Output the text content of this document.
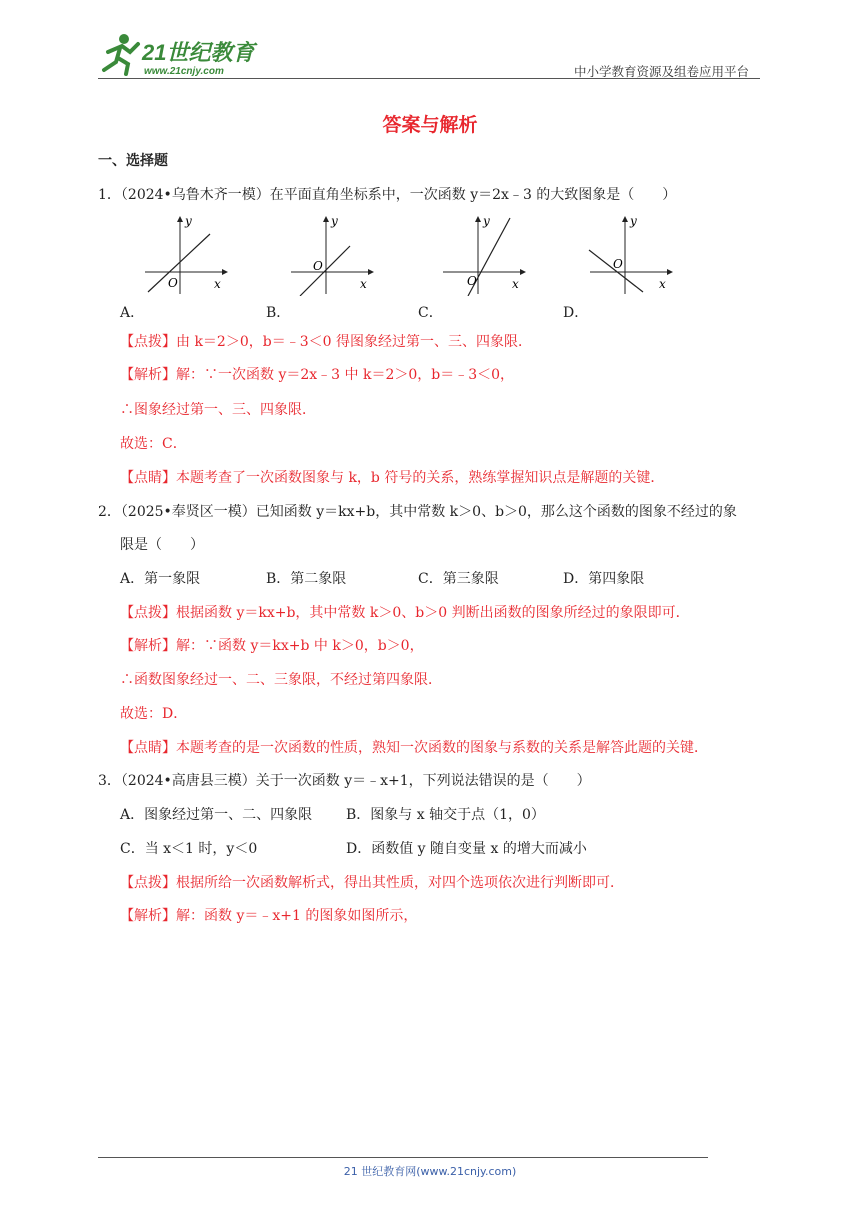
21世纪教育
www.21cnjy.com	中小学教育资源及组卷应用平台
答案与解析
一、选择题
1．（2024•乌鲁木齐一模）在平面直角坐标系中，一次函数 y＝2x﹣3 的大致图象是（　　）
y
x
O
y
x
O
y
x
O
y
x
O
A．	B．	C．	D．
【点拨】由 k＝2＞0，b＝﹣3＜0 得图象经过第一、三、四象限．
【解析】解：∵一次函数 y＝2x﹣3 中 k＝2＞0，b＝﹣3＜0，
∴图象经过第一、三、四象限．
故选：C．
【点睛】本题考查了一次函数图象与 k，b 符号的关系，熟练掌握知识点是解题的关键．
2．（2025•奉贤区一模）已知函数 y＝kx+b，其中常数 k＞0、b＞0，那么这个函数的图象不经过的象
限是（　　）
A．第一象限	B．第二象限	C．第三象限	D．第四象限
【点拨】根据函数 y＝kx+b，其中常数 k＞0、b＞0 判断出函数的图象所经过的象限即可．
【解析】解：∵函数 y＝kx+b 中 k＞0，b＞0，
∴函数图象经过一、二、三象限，不经过第四象限．
故选：D．
【点睛】本题考查的是一次函数的性质，熟知一次函数的图象与系数的关系是解答此题的关键．
3．（2024•高唐县三模）关于一次函数 y＝﹣x+1，下列说法错误的是（　　）
A．图象经过第一、二、四象限 B．图象与 x 轴交于点（1，0）
C．当 x＜1 时，y＜0	D．函数值 y 随自变量 x 的增大而减小
【点拨】根据所给一次函数解析式，得出其性质，对四个选项依次进行判断即可．
【解析】解：函数 y＝﹣x+1 的图象如图所示，
21 世纪教育网(www.21cnjy.com)
